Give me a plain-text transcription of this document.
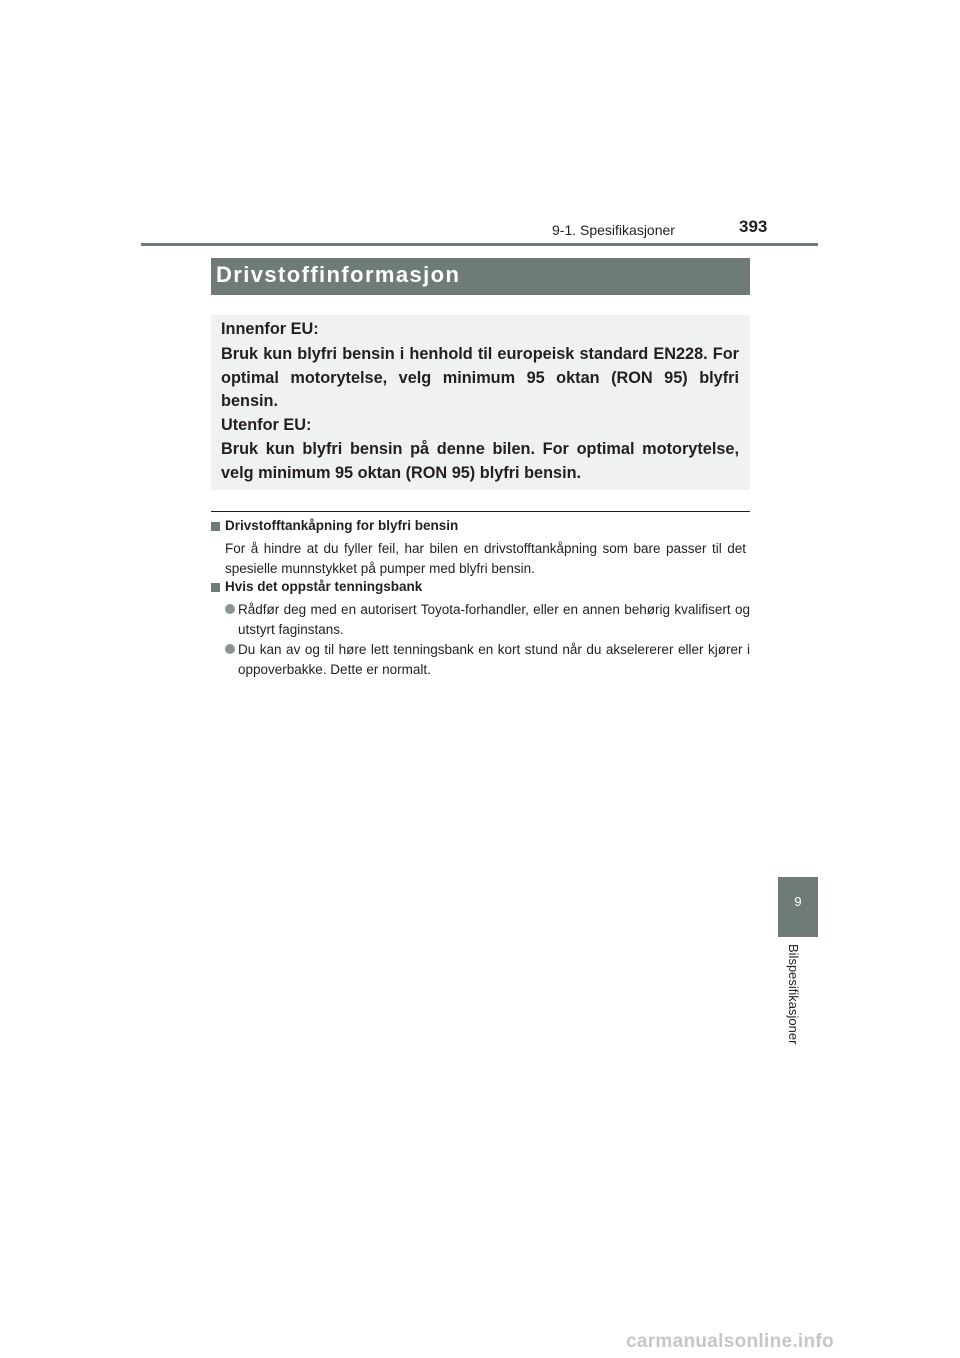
9-1. Spesifikasjoner	393
Drivstoffinformasjon

Innenfor EU:

Bruk kun blyfri bensin i henhold til europeisk standard EN228. For optimal motorytelse, velg minimum 95 oktan (RON 95) blyfri bensin.

Utenfor EU:

Bruk kun blyfri bensin på denne bilen. For optimal motorytelse, velg minimum 95 oktan (RON 95) blyfri bensin.

Drivstofftankåpning for blyfri bensin

For å hindre at du fyller feil, har bilen en drivstofftankåpning som bare passer til det spesielle munnstykket på pumper med blyfri bensin.

Hvis det oppstår tenningsbank

Rådfør deg med en autorisert Toyota-forhandler, eller en annen behørig kvalifisert og utstyrt faginstans.

Du kan av og til høre lett tenningsbank en kort stund når du akselererer eller kjører i oppoverbakke. Dette er normalt.

9
Bilspesifikasjoner
carmanualsonline.info
